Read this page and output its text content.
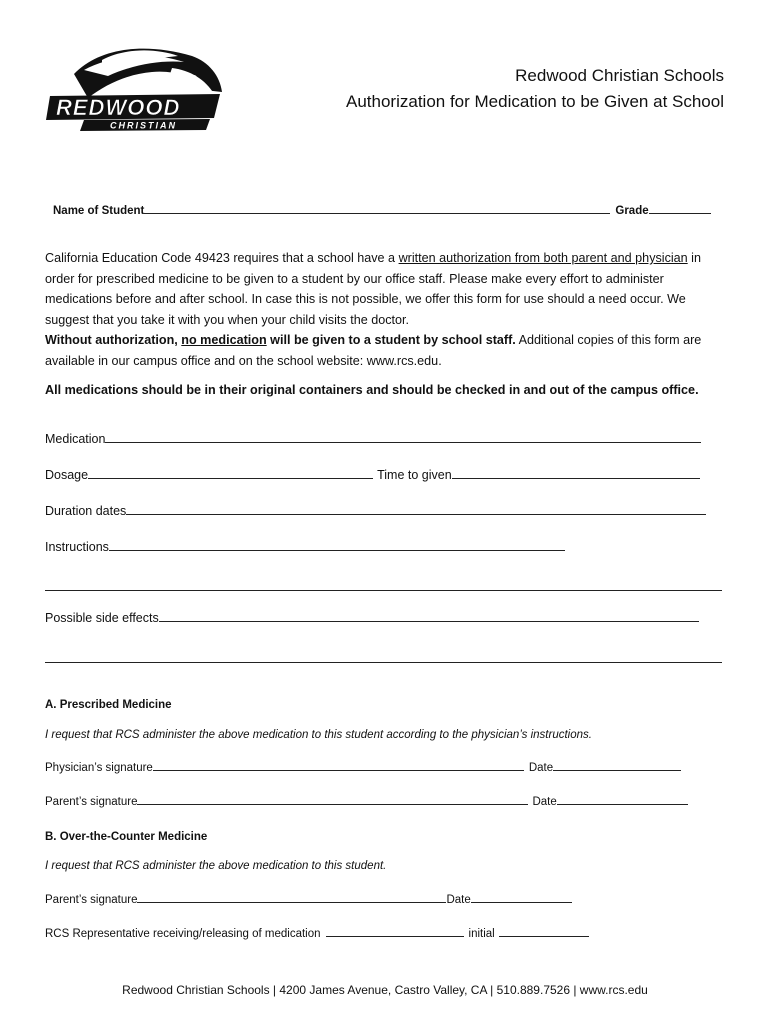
REDWOOD
CHRISTIAN
Redwood Christian Schools
Authorization for Medication to be Given at School
Name of Student	Grade

California Education Code 49423 requires that a school have a written authorization from both parent and physician in order for prescribed medicine to be given to a student by our office staff. Please make every effort to administer medications before and after school. In case this is not possible, we offer this form for use should a need occur. We suggest that you take it with you when your child visits the doctor.

Without authorization, no medication will be given to a student by school staff. Additional copies of this form are available in our campus office and on the school website: www.rcs.edu.

All medications should be in their original containers and should be checked in and out of the campus office.
Medication
Dosage	Time to given
Duration dates
Instructions
Possible side effects
A. Prescribed Medicine
I request that RCS administer the above medication to this student according to the physician’s instructions.
Physician’s signature	Date
Parent’s signature	Date
B. Over-the-Counter Medicine
I request that RCS administer the above medication to this student.
Parent’s signature	Date
RCS Representative receiving/releasing of medication	initial
Redwood Christian Schools | 4200 James Avenue, Castro Valley, CA | 510.889.7526 | www.rcs.edu
